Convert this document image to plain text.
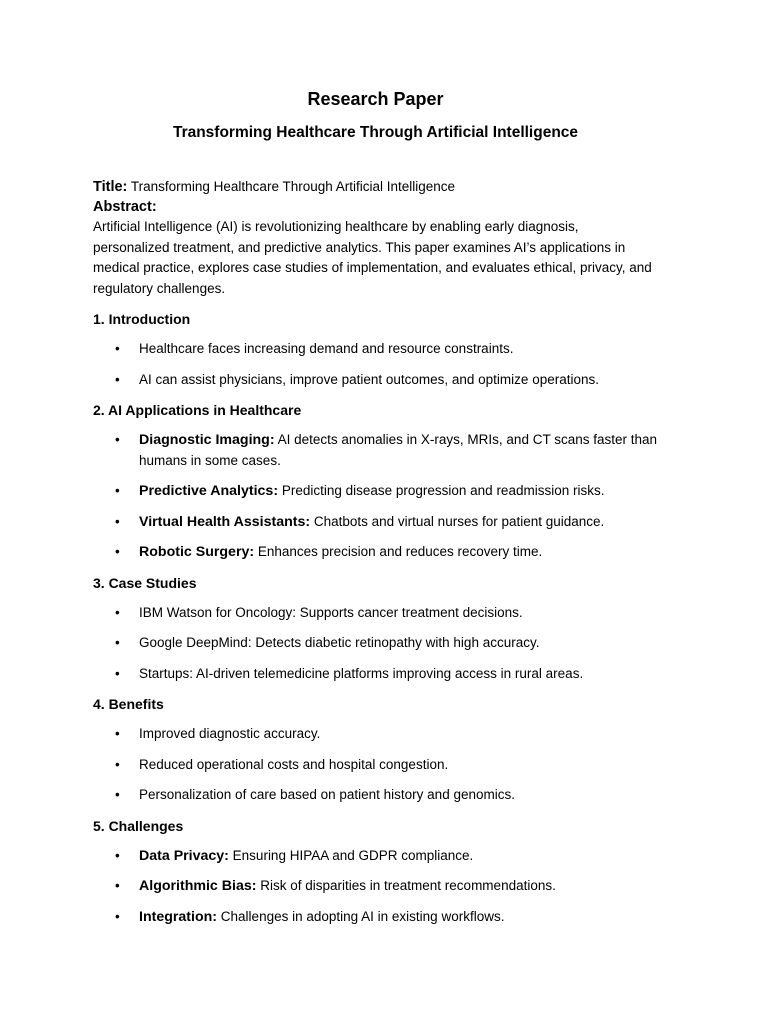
Research Paper
Transforming Healthcare Through Artificial Intelligence

Title: Transforming Healthcare Through Artificial Intelligence

Abstract:

Artificial Intelligence (AI) is revolutionizing healthcare by enabling early diagnosis, personalized treatment, and predictive analytics. This paper examines AI’s applications in medical practice, explores case studies of implementation, and evaluates ethical, privacy, and regulatory challenges.

1. Introduction
• Healthcare faces increasing demand and resource constraints.
• AI can assist physicians, improve patient outcomes, and optimize operations.
2. AI Applications in Healthcare
• Diagnostic Imaging: AI detects anomalies in X-rays, MRIs, and CT scans faster than humans in some cases.
• Predictive Analytics: Predicting disease progression and readmission risks.
• Virtual Health Assistants: Chatbots and virtual nurses for patient guidance.
• Robotic Surgery: Enhances precision and reduces recovery time.
3. Case Studies
• IBM Watson for Oncology: Supports cancer treatment decisions.
• Google DeepMind: Detects diabetic retinopathy with high accuracy.
• Startups: AI-driven telemedicine platforms improving access in rural areas.
4. Benefits
• Improved diagnostic accuracy.
• Reduced operational costs and hospital congestion.
• Personalization of care based on patient history and genomics.
5. Challenges
• Data Privacy: Ensuring HIPAA and GDPR compliance.
• Algorithmic Bias: Risk of disparities in treatment recommendations.
• Integration: Challenges in adopting AI in existing workflows.
